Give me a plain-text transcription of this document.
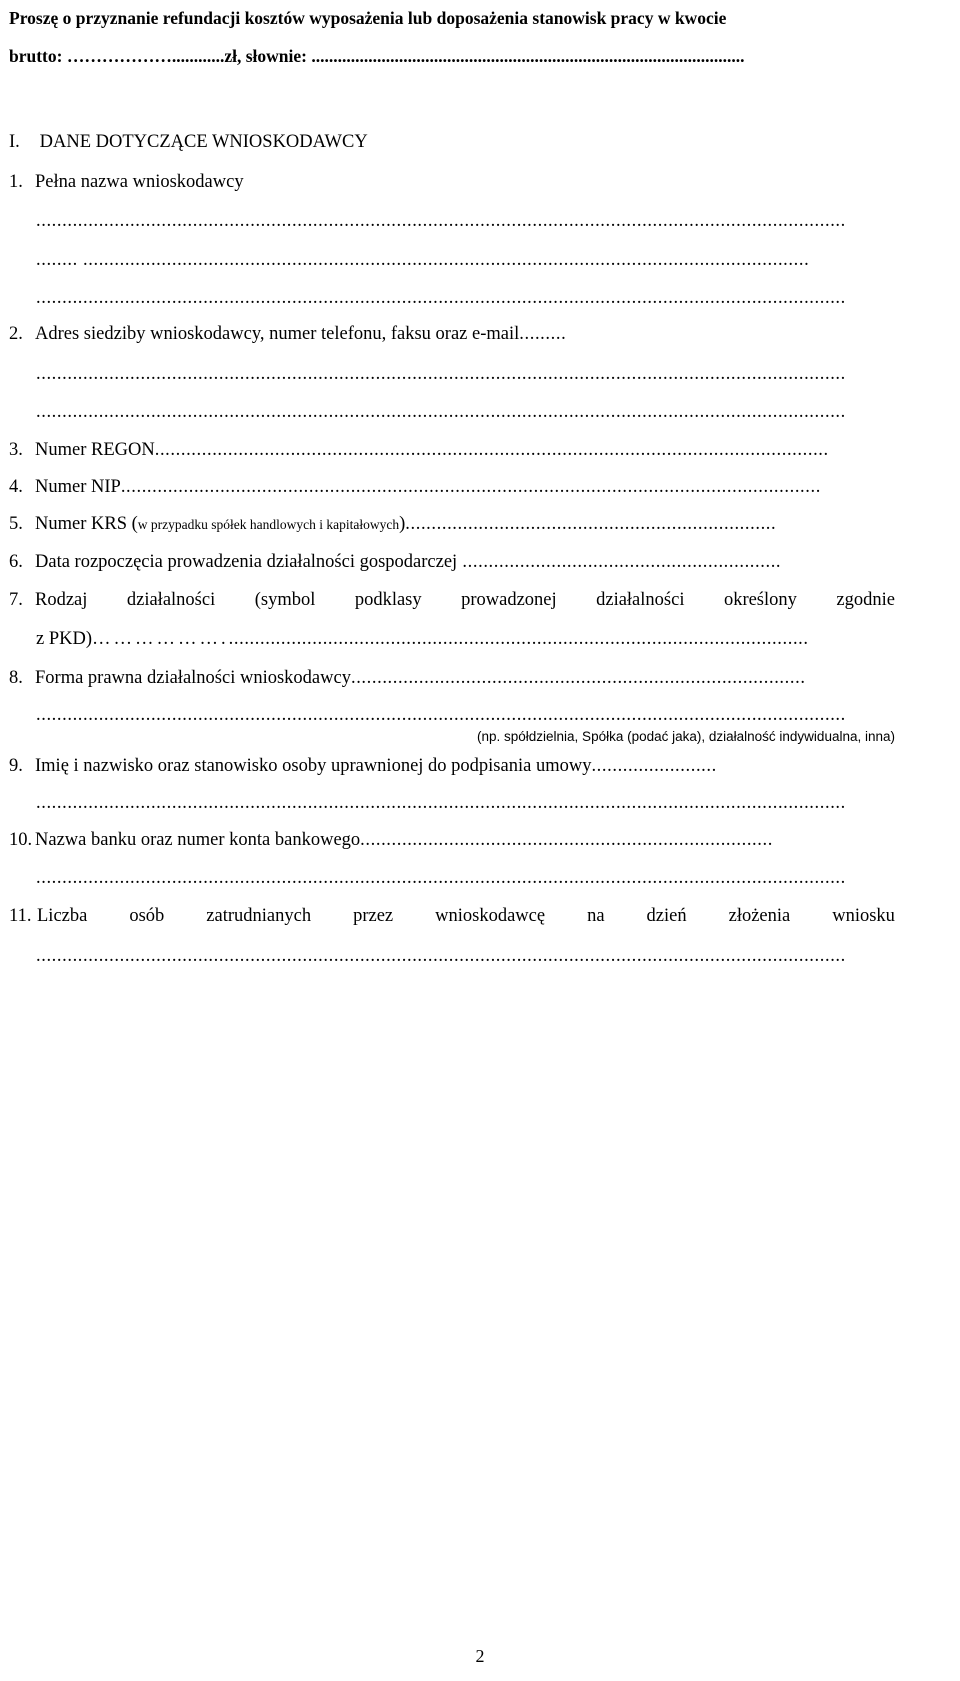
Proszę o przyznanie refundacji kosztów wyposażenia lub doposażenia stanowisk pracy w kwocie
brutto: ………………............zł, słownie: ...................................................................................................
I. DANE DOTYCZĄCE WNIOSKODAWCY
1. Pełna nazwa wnioskodawcy
...........................................................................................................................................................
........ ...........................................................................................................................................
...........................................................................................................................................................
2. Adres siedziby wnioskodawcy, numer telefonu, faksu oraz e-mail.........
...........................................................................................................................................................
...........................................................................................................................................................
3. Numer REGON.................................................................................................................................
4. Numer NIP......................................................................................................................................
5. Numer KRS (w przypadku spółek handlowych i kapitałowych).......................................................................
6. Data rozpoczęcia prowadzenia działalności gospodarczej .............................................................
7. Rodzaj działalności (symbol podklasy prowadzonej działalności określony zgodnie
z PKD)………………................................................................................................................
8. Forma prawna działalności wnioskodawcy.......................................................................................
...........................................................................................................................................................
(np. spółdzielnia, Spółka (podać jaka), działalność indywidualna, inna)
9. Imię i nazwisko oraz stanowisko osoby uprawnionej do podpisania umowy........................
...........................................................................................................................................................
10. Nazwa banku oraz numer konta bankowego...............................................................................
...........................................................................................................................................................
11. Liczba osób zatrudnianych przez wnioskodawcę na dzień złożenia wniosku
...........................................................................................................................................................
2
